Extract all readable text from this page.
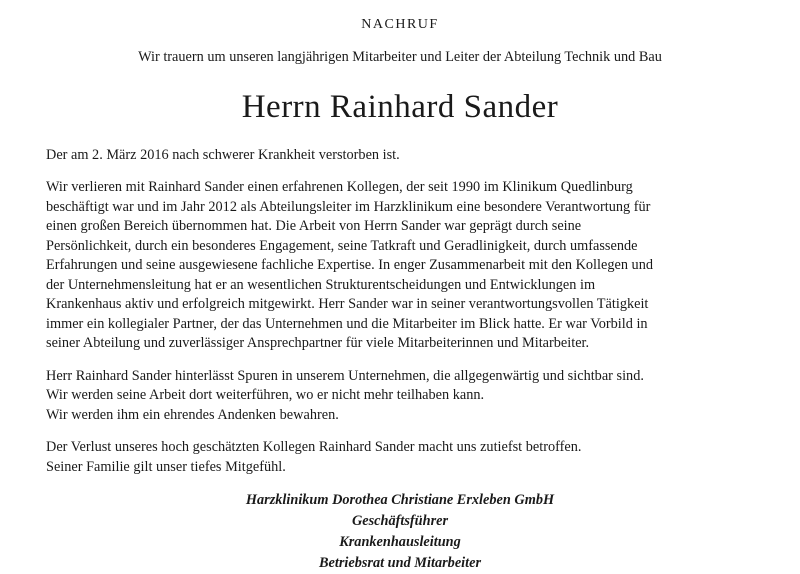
NACHRUF
Wir trauern um unseren langjährigen Mitarbeiter und Leiter der Abteilung Technik und Bau
Herrn Rainhard Sander
Der am 2. März 2016 nach schwerer Krankheit verstorben ist.
Wir verlieren mit Rainhard Sander einen erfahrenen Kollegen, der seit 1990 im Klinikum Quedlinburg
beschäftigt war und im Jahr 2012 als Abteilungsleiter im Harzklinikum eine besondere Verantwortung für
einen großen Bereich übernommen hat. Die Arbeit von Herrn Sander war geprägt durch seine
Persönlichkeit, durch ein besonderes Engagement, seine Tatkraft und Geradlinigkeit, durch umfassende
Erfahrungen und seine ausgewiesene fachliche Expertise. In enger Zusammenarbeit mit den Kollegen und
der Unternehmensleitung hat er an wesentlichen Strukturentscheidungen und Entwicklungen im
Krankenhaus aktiv und erfolgreich mitgewirkt. Herr Sander war in seiner verantwortungsvollen Tätigkeit
immer ein kollegialer Partner, der das Unternehmen und die Mitarbeiter im Blick hatte. Er war Vorbild in
seiner Abteilung und zuverlässiger Ansprechpartner für viele Mitarbeiterinnen und Mitarbeiter.
Herr Rainhard Sander hinterlässt Spuren in unserem Unternehmen, die allgegenwärtig und sichtbar sind.
Wir werden seine Arbeit dort weiterführen, wo er nicht mehr teilhaben kann.
Wir werden ihm ein ehrendes Andenken bewahren.
Der Verlust unseres hoch geschätzten Kollegen Rainhard Sander macht uns zutiefst betroffen.
Seiner Familie gilt unser tiefes Mitgefühl.
Harzklinikum Dorothea Christiane Erxleben GmbH
Geschäftsführer
Krankenhausleitung
Betriebsrat und Mitarbeiter
